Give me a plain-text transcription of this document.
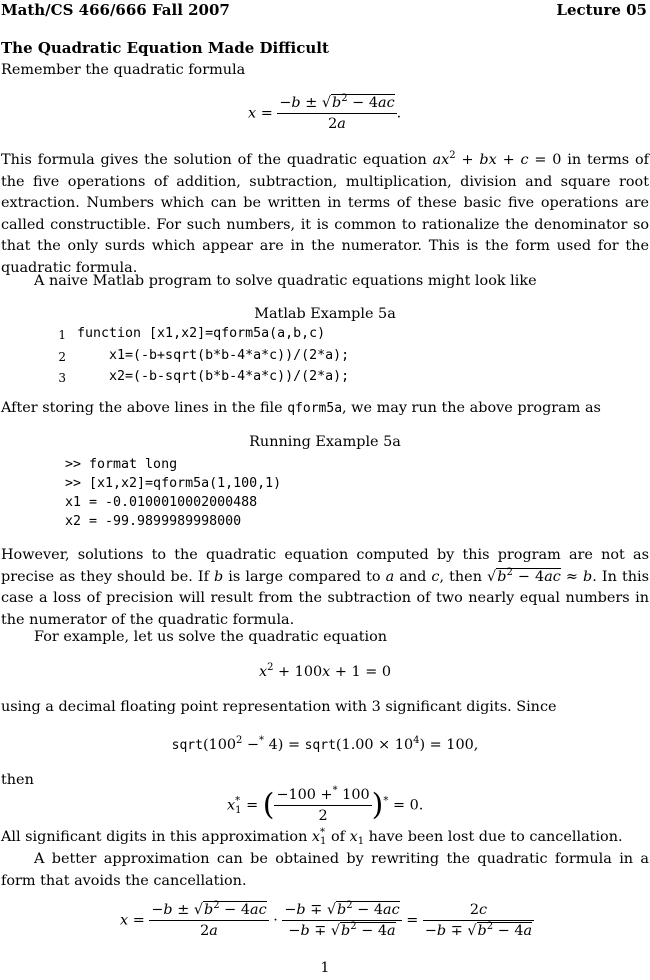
Math/CS 466/666 Fall 2007	Lecture 05
The Quadratic Equation Made Difficult
Remember the quadratic formula
$x = \frac{-b \pm √b^2 - 4ac}{2a}$ .
This formula gives the solution of the quadratic equation $ax^2$ + bx + c = 0 in terms of the five operations of addition, subtraction, multiplication, division and square root extraction. Numbers which can be written in terms of these basic five operations are called constructible. For such numbers, it is common to rationalize the denominator so that the only surds which appear are in the numerator. This is the form used for the quadratic formula.
A naive Matlab program to solve quadratic equations might look like
Matlab Example 5a
1 function [x1,x2]=qform5a(a,b,c)
2 x1=(-b+sqrt(b*b-4*a*c))/(2*a);
3 x2=(-b-sqrt(b*b-4*a*c))/(2*a);
After storing the above lines in the file qform5a, we may run the above program as
Running Example 5a
>> format long
>> [x1,x2]=qform5a(1,100,1)
x1 = -0.0100010002000488
x2 = -99.9899989998000
However, solutions to the quadratic equation computed by this program are not as precise as they should be. If b is large compared to a and c, then $√b^2 - 4ac \approx b$. In this case a loss of precision will result from the subtraction of two nearly equal numbers in the numerator of the quadratic formula.
For example, let us solve the quadratic equation
$x^2 + 100x + 1 = 0$
using a decimal floating point representation with 3 significant digits. Since
$sqrt(100^2 -^*$ 4) = sqrt(1.00 × $10^4) = 100$,
then
$x^*_1$ = ( $\frac{-100 +^* 100}{2} )^* = 0$.
All significant digits in this approximation $x^*_1$ of $x_1$ have been lost due to cancellation.
A better approximation can be obtained by rewriting the quadratic formula in a form that avoids the cancellation.
$x = \frac{-b \pm √b^2 - 4ac}{2a} \cdot \frac{-b \mp √b^2 - 4ac}{-b \mp √b^2 - 4a} = \frac{2c}{-b \mp √b^2 - 4a}$
1
